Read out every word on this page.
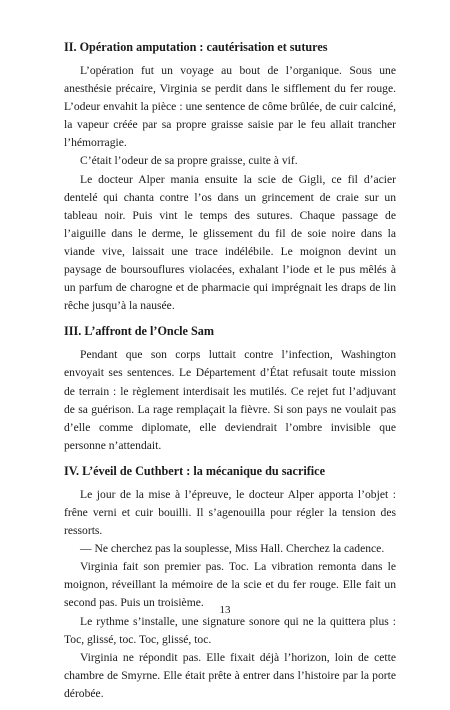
II. Opération amputation : cautérisation et sutures

L’opération fut un voyage au bout de l’organique. Sous une anesthésie précaire, Virginia se perdit dans le sifflement du fer rouge. L’odeur envahit la pièce : une sentence de côme brûlée, de cuir calciné, la vapeur créée par sa propre graisse saisie par le feu allait trancher l’hémorragie.

C’était l’odeur de sa propre graisse, cuite à vif.

Le docteur Alper mania ensuite la scie de Gigli, ce fil d’acier dentelé qui chanta contre l’os dans un grincement de craie sur un tableau noir. Puis vint le temps des sutures. Chaque passage de l’aiguille dans le derme, le glissement du fil de soie noire dans la viande vive, laissait une trace indélébile. Le moignon devint un paysage de boursouflures violacées, exhalant l’iode et le pus mêlés à un parfum de charogne et de pharmacie qui imprégnait les draps de lin rêche jusqu’à la nausée.

III. L’affront de l’Oncle Sam

Pendant que son corps luttait contre l’infection, Washington envoyait ses sentences. Le Département d’État refusait toute mission de terrain : le règlement interdisait les mutilés. Ce rejet fut l’adjuvant de sa guérison. La rage remplaçait la fièvre. Si son pays ne voulait pas d’elle comme diplomate, elle deviendrait l’ombre invisible que personne n’attendait.

IV. L’éveil de Cuthbert : la mécanique du sacrifice

Le jour de la mise à l’épreuve, le docteur Alper apporta l’objet : frêne verni et cuir bouilli. Il s’agenouilla pour régler la tension des ressorts.

— Ne cherchez pas la souplesse, Miss Hall. Cherchez la cadence.

Virginia fait son premier pas. Toc. La vibration remonta dans le moignon, réveillant la mémoire de la scie et du fer rouge. Elle fait un second pas. Puis un troisième.

Le rythme s’installe, une signature sonore qui ne la quittera plus : Toc, glissé, toc. Toc, glissé, toc.

Virginia ne répondit pas. Elle fixait déjà l’horizon, loin de cette chambre de Smyrne. Elle était prête à entrer dans l’histoire par la porte dérobée.

13
